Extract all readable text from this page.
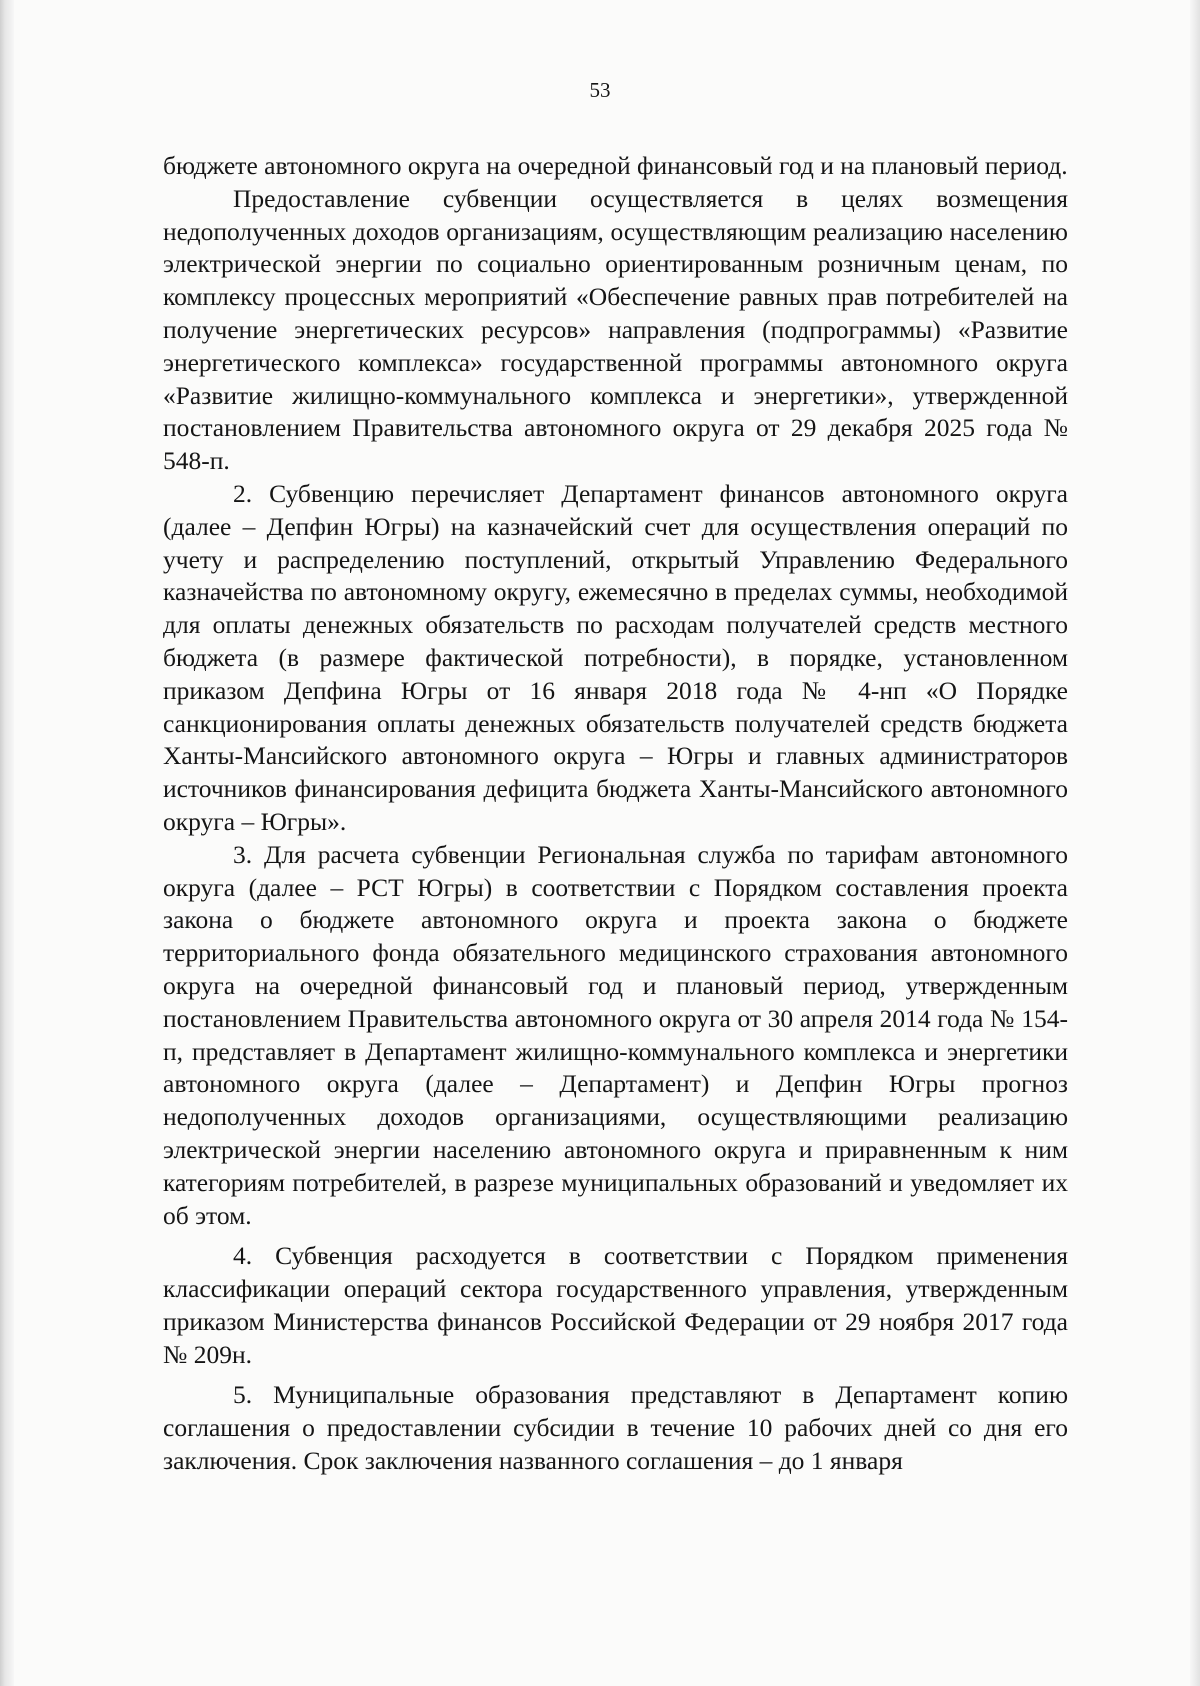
53

бюджете автономного округа на очередной финансовый год и на плановый период.

Предоставление субвенции осуществляется в целях возмещения недополученных доходов организациям, осуществляющим реализацию населению электрической энергии по социально ориентированным розничным ценам, по комплексу процессных мероприятий «Обеспечение равных прав потребителей на получение энергетических ресурсов» направления (подпрограммы) «Развитие энергетического комплекса» государственной программы автономного округа «Развитие жилищно-коммунального комплекса и энергетики», утвержденной постановлением Правительства автономного округа от 29 декабря 2025 года № 548-п.

2. Субвенцию перечисляет Департамент финансов автономного округа (далее – Депфин Югры) на казначейский счет для осуществления операций по учету и распределению поступлений, открытый Управлению Федерального казначейства по автономному округу, ежемесячно в пределах суммы, необходимой для оплаты денежных обязательств по расходам получателей средств местного бюджета (в размере фактической потребности), в порядке, установленном приказом Депфина Югры от 16 января 2018 года № 4-нп «О Порядке санкционирования оплаты денежных обязательств получателей средств бюджета Ханты-Мансийского автономного округа – Югры и главных администраторов источников финансирования дефицита бюджета Ханты-Мансийского автономного округа – Югры».

3. Для расчета субвенции Региональная служба по тарифам автономного округа (далее – РСТ Югры) в соответствии с Порядком составления проекта закона о бюджете автономного округа и проекта закона о бюджете территориального фонда обязательного медицинского страхования автономного округа на очередной финансовый год и плановый период, утвержденным постановлением Правительства автономного округа от 30 апреля 2014 года № 154-п, представляет в Департамент жилищно-коммунального комплекса и энергетики автономного округа (далее – Департамент) и Депфин Югры прогноз недополученных доходов организациями, осуществляющими реализацию электрической энергии населению автономного округа и приравненным к ним категориям потребителей, в разрезе муниципальных образований и уведомляет их об этом.

4. Субвенция расходуется в соответствии с Порядком применения классификации операций сектора государственного управления, утвержденным приказом Министерства финансов Российской Федерации от 29 ноября 2017 года № 209н.

5. Муниципальные образования представляют в Департамент копию соглашения о предоставлении субсидии в течение 10 рабочих дней со дня его заключения. Срок заключения названного соглашения – до 1 января
